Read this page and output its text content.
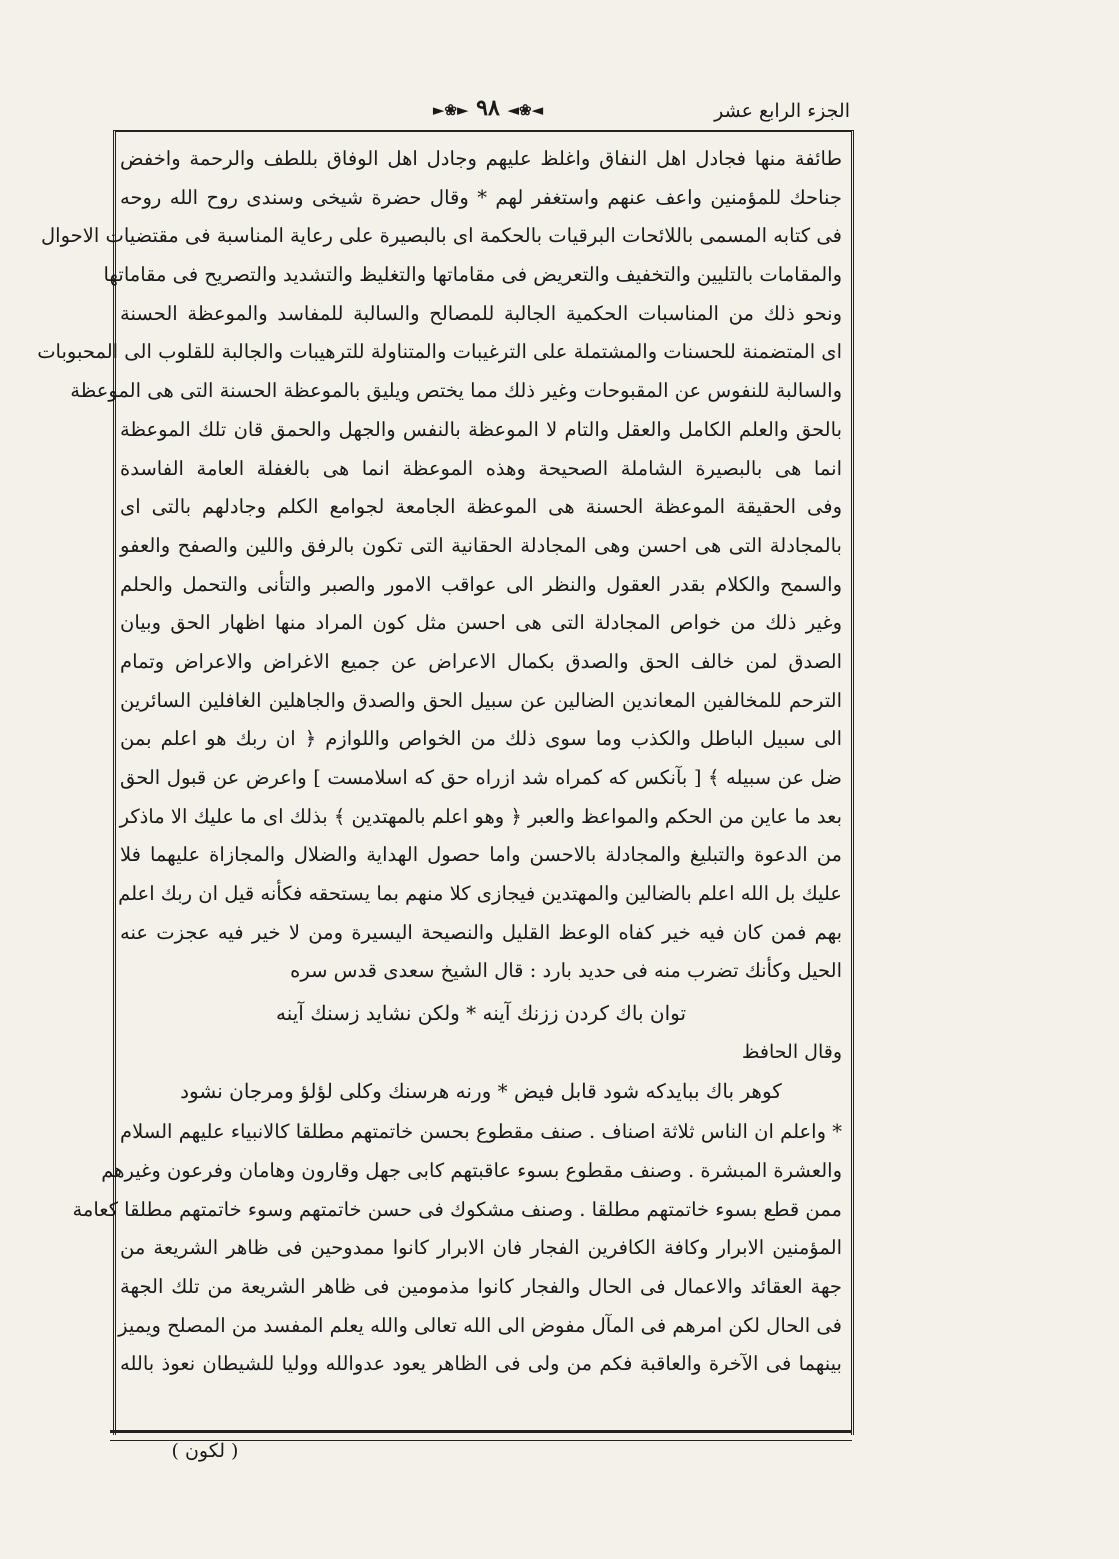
الجزء الرابع عشر
◄❀◄ ٩٨ ►❀►
طائفة منها فجادل اهل النفاق واغلظ عليهم وجادل اهل الوفاق بللطف والرحمة واخفض
جناحك للمؤمنين واعف عنهم واستغفر لهم * وقال حضرة شيخى وسندى روح الله روحه
فى كتابه المسمى باللائحات البرقيات بالحكمة اى بالبصيرة على رعاية المناسبة فى مقتضيات الاحوال
والمقامات بالتليين والتخفيف والتعريض فى مقاماتها والتغليظ والتشديد والتصريح فى مقاماتها
ونحو ذلك من المناسبات الحكمية الجالبة للمصالح والسالبة للمفاسد والموعظة الحسنة
اى المتضمنة للحسنات والمشتملة على الترغيبات والمتناولة للترهيبات والجالبة للقلوب الى المحبوبات
والسالبة للنفوس عن المقبوحات وغير ذلك مما يختص ويليق بالموعظة الحسنة التى هى الموعظة
بالحق والعلم الكامل والعقل والتام لا الموعظة بالنفس والجهل والحمق قان تلك الموعظة
انما هى بالبصيرة الشاملة الصحيحة وهذه الموعظة انما هى بالغفلة العامة الفاسدة
وفى الحقيقة الموعظة الحسنة هى الموعظة الجامعة لجوامع الكلم وجادلهم بالتى اى
بالمجادلة التى هى احسن وهى المجادلة الحقانية التى تكون بالرفق واللين والصفح والعفو
والسمح والكلام بقدر العقول والنظر الى عواقب الامور والصبر والتأنى والتحمل والحلم
وغير ذلك من خواص المجادلة التى هى احسن مثل كون المراد منها اظهار الحق وبيان
الصدق لمن خالف الحق والصدق بكمال الاعراض عن جميع الاغراض والاعراض وتمام
الترحم للمخالفين المعاندين الضالين عن سبيل الحق والصدق والجاهلين الغافلين السائرين
الى سبيل الباطل والكذب وما سوى ذلك من الخواص واللوازم ﴿ ان ربك هو اعلم بمن
ضل عن سبيله ﴾ [ بآنكس كه كمراه شد ازراه حق كه اسلامست ] واعرض عن قبول الحق
بعد ما عاين من الحكم والمواعظ والعبر ﴿ وهو اعلم بالمهتدين ﴾ بذلك اى ما عليك الا ماذكر
من الدعوة والتبليغ والمجادلة بالاحسن واما حصول الهداية والضلال والمجازاة عليهما فلا
عليك بل الله اعلم بالضالين والمهتدين فيجازى كلا منهم بما يستحقه فكأنه قيل ان ربك اعلم
بهم فمن كان فيه خير كفاه الوعظ القليل والنصيحة اليسيرة ومن لا خير فيه عجزت عنه
الحيل وكأنك تضرب منه فى حديد بارد : قال الشيخ سعدى قدس سره
توان باك كردن ززنك آينه * ولكن نشايد زسنك آينه
وقال الحافظ
كوهر باك ببايدكه شود قابل فيض * ورنه هرسنك وكلى لؤلؤ ومرجان نشود
* واعلم ان الناس ثلاثة اصناف . صنف مقطوع بحسن خاتمتهم مطلقا كالانبياء عليهم السلام
والعشرة المبشرة . وصنف مقطوع بسوء عاقبتهم كابى جهل وقارون وهامان وفرعون وغيرهم
ممن قطع بسوء خاتمتهم مطلقا . وصنف مشكوك فى حسن خاتمتهم وسوء خاتمتهم مطلقا كعامة
المؤمنين الابرار وكافة الكافرين الفجار فان الابرار كانوا ممدوحين فى ظاهر الشريعة من
جهة العقائد والاعمال فى الحال والفجار كانوا مذمومين فى ظاهر الشريعة من تلك الجهة
فى الحال لكن امرهم فى المآل مفوض الى الله تعالى والله يعلم المفسد من المصلح ويميز
بينهما فى الآخرة والعاقبة فكم من ولى فى الظاهر يعود عدوالله ووليا للشيطان نعوذ بالله
( لكون )
